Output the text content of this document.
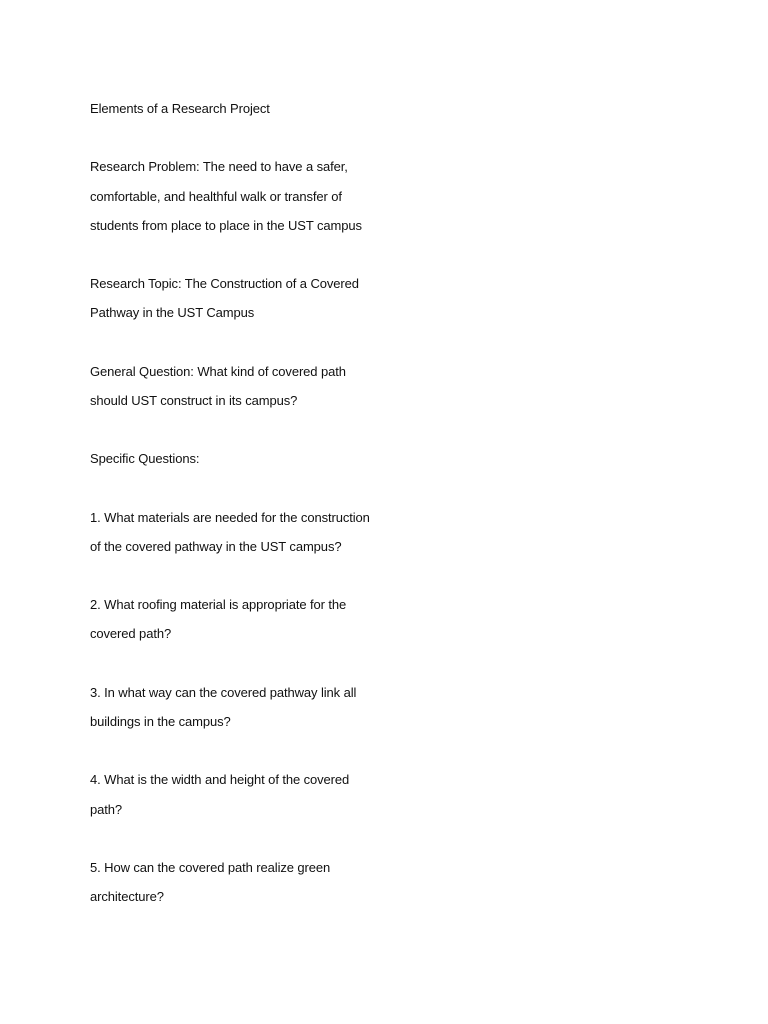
Elements of a Research Project
Research Problem: The need to have a safer,
comfortable, and healthful walk or transfer of
students from place to place in the UST campus
Research Topic: The Construction of a Covered
Pathway in the UST Campus
General Question: What kind of covered path
should UST construct in its campus?
Specific Questions:
1. What materials are needed for the construction
of the covered pathway in the UST campus?
2. What roofing material is appropriate for the
covered path?
3. In what way can the covered pathway link all
buildings in the campus?
4. What is the width and height of the covered
path?
5. How can the covered path realize green
architecture?
